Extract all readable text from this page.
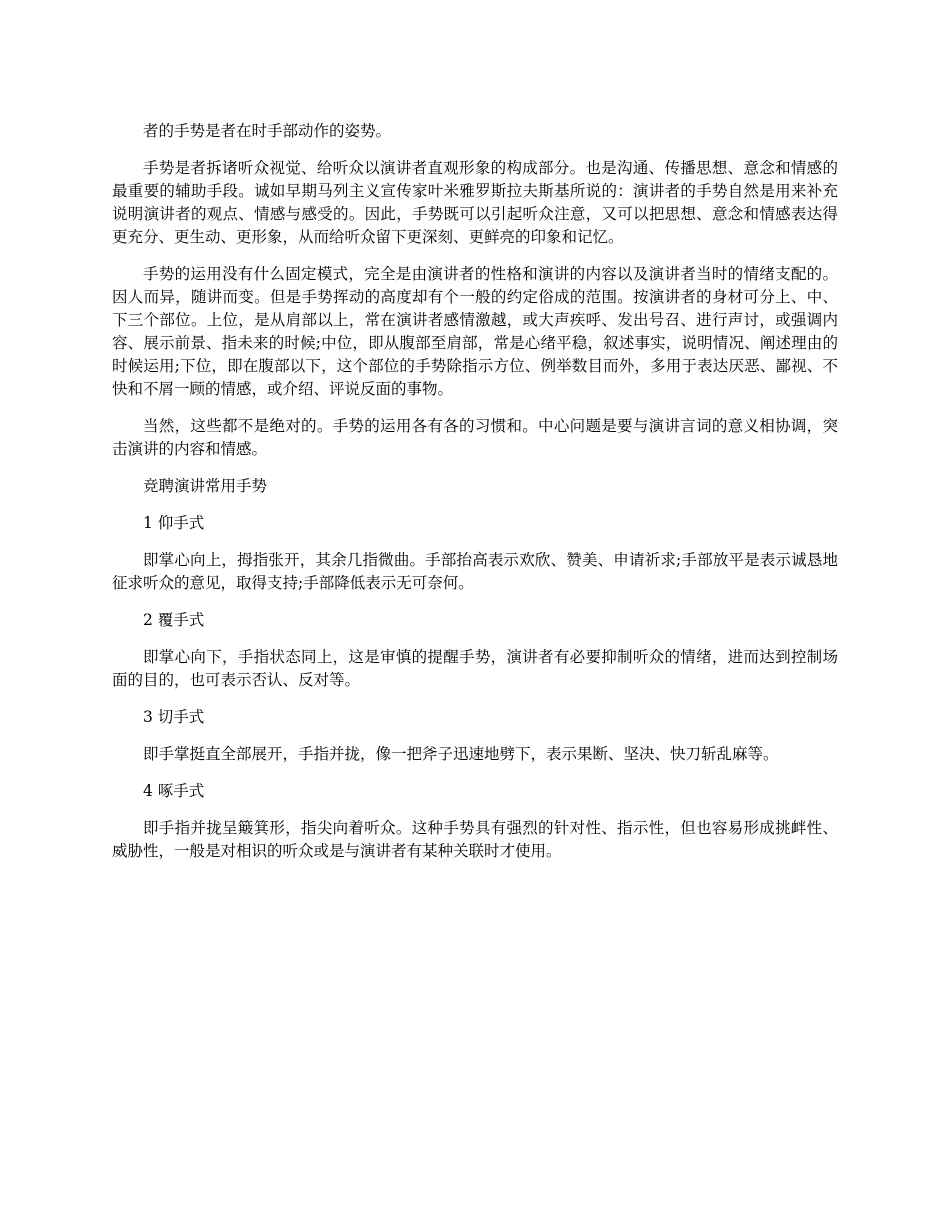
者的手势是者在时手部动作的姿势。
手势是者拆诸听众视觉、给听众以演讲者直观形象的构成部分。也是沟通、传播思想、意念和情感的最重要的辅助手段。诚如早期马列主义宣传家叶米雅罗斯拉夫斯基所说的：演讲者的手势自然是用来补充说明演讲者的观点、情感与感受的。因此，手势既可以引起听众注意，又可以把思想、意念和情感表达得更充分、更生动、更形象，从而给听众留下更深刻、更鲜亮的印象和记忆。
手势的运用没有什么固定模式，完全是由演讲者的性格和演讲的内容以及演讲者当时的情绪支配的。因人而异，随讲而变。但是手势挥动的高度却有个一般的约定俗成的范围。按演讲者的身材可分上、中、下三个部位。上位，是从肩部以上，常在演讲者感情激越，或大声疾呼、发出号召、进行声讨，或强调内容、展示前景、指未来的时候;中位，即从腹部至肩部，常是心绪平稳，叙述事实，说明情况、阐述理由的时候运用;下位，即在腹部以下，这个部位的手势除指示方位、例举数目而外，多用于表达厌恶、鄙视、不快和不屑一顾的情感，或介绍、评说反面的事物。
当然，这些都不是绝对的。手势的运用各有各的习惯和。中心问题是要与演讲言词的意义相协调，突击演讲的内容和情感。
竞聘演讲常用手势
1 仰手式
即掌心向上，拇指张开，其余几指微曲。手部抬高表示欢欣、赞美、申请祈求;手部放平是表示诚恳地征求听众的意见，取得支持;手部降低表示无可奈何。
2 覆手式
即掌心向下，手指状态同上，这是审慎的提醒手势，演讲者有必要抑制听众的情绪，进而达到控制场面的目的，也可表示否认、反对等。
3 切手式
即手掌挺直全部展开，手指并拢，像一把斧子迅速地劈下，表示果断、坚决、快刀斩乱麻等。
4 啄手式
即手指并拢呈簸箕形，指尖向着听众。这种手势具有强烈的针对性、指示性，但也容易形成挑衅性、威胁性，一般是对相识的听众或是与演讲者有某种关联时才使用。
